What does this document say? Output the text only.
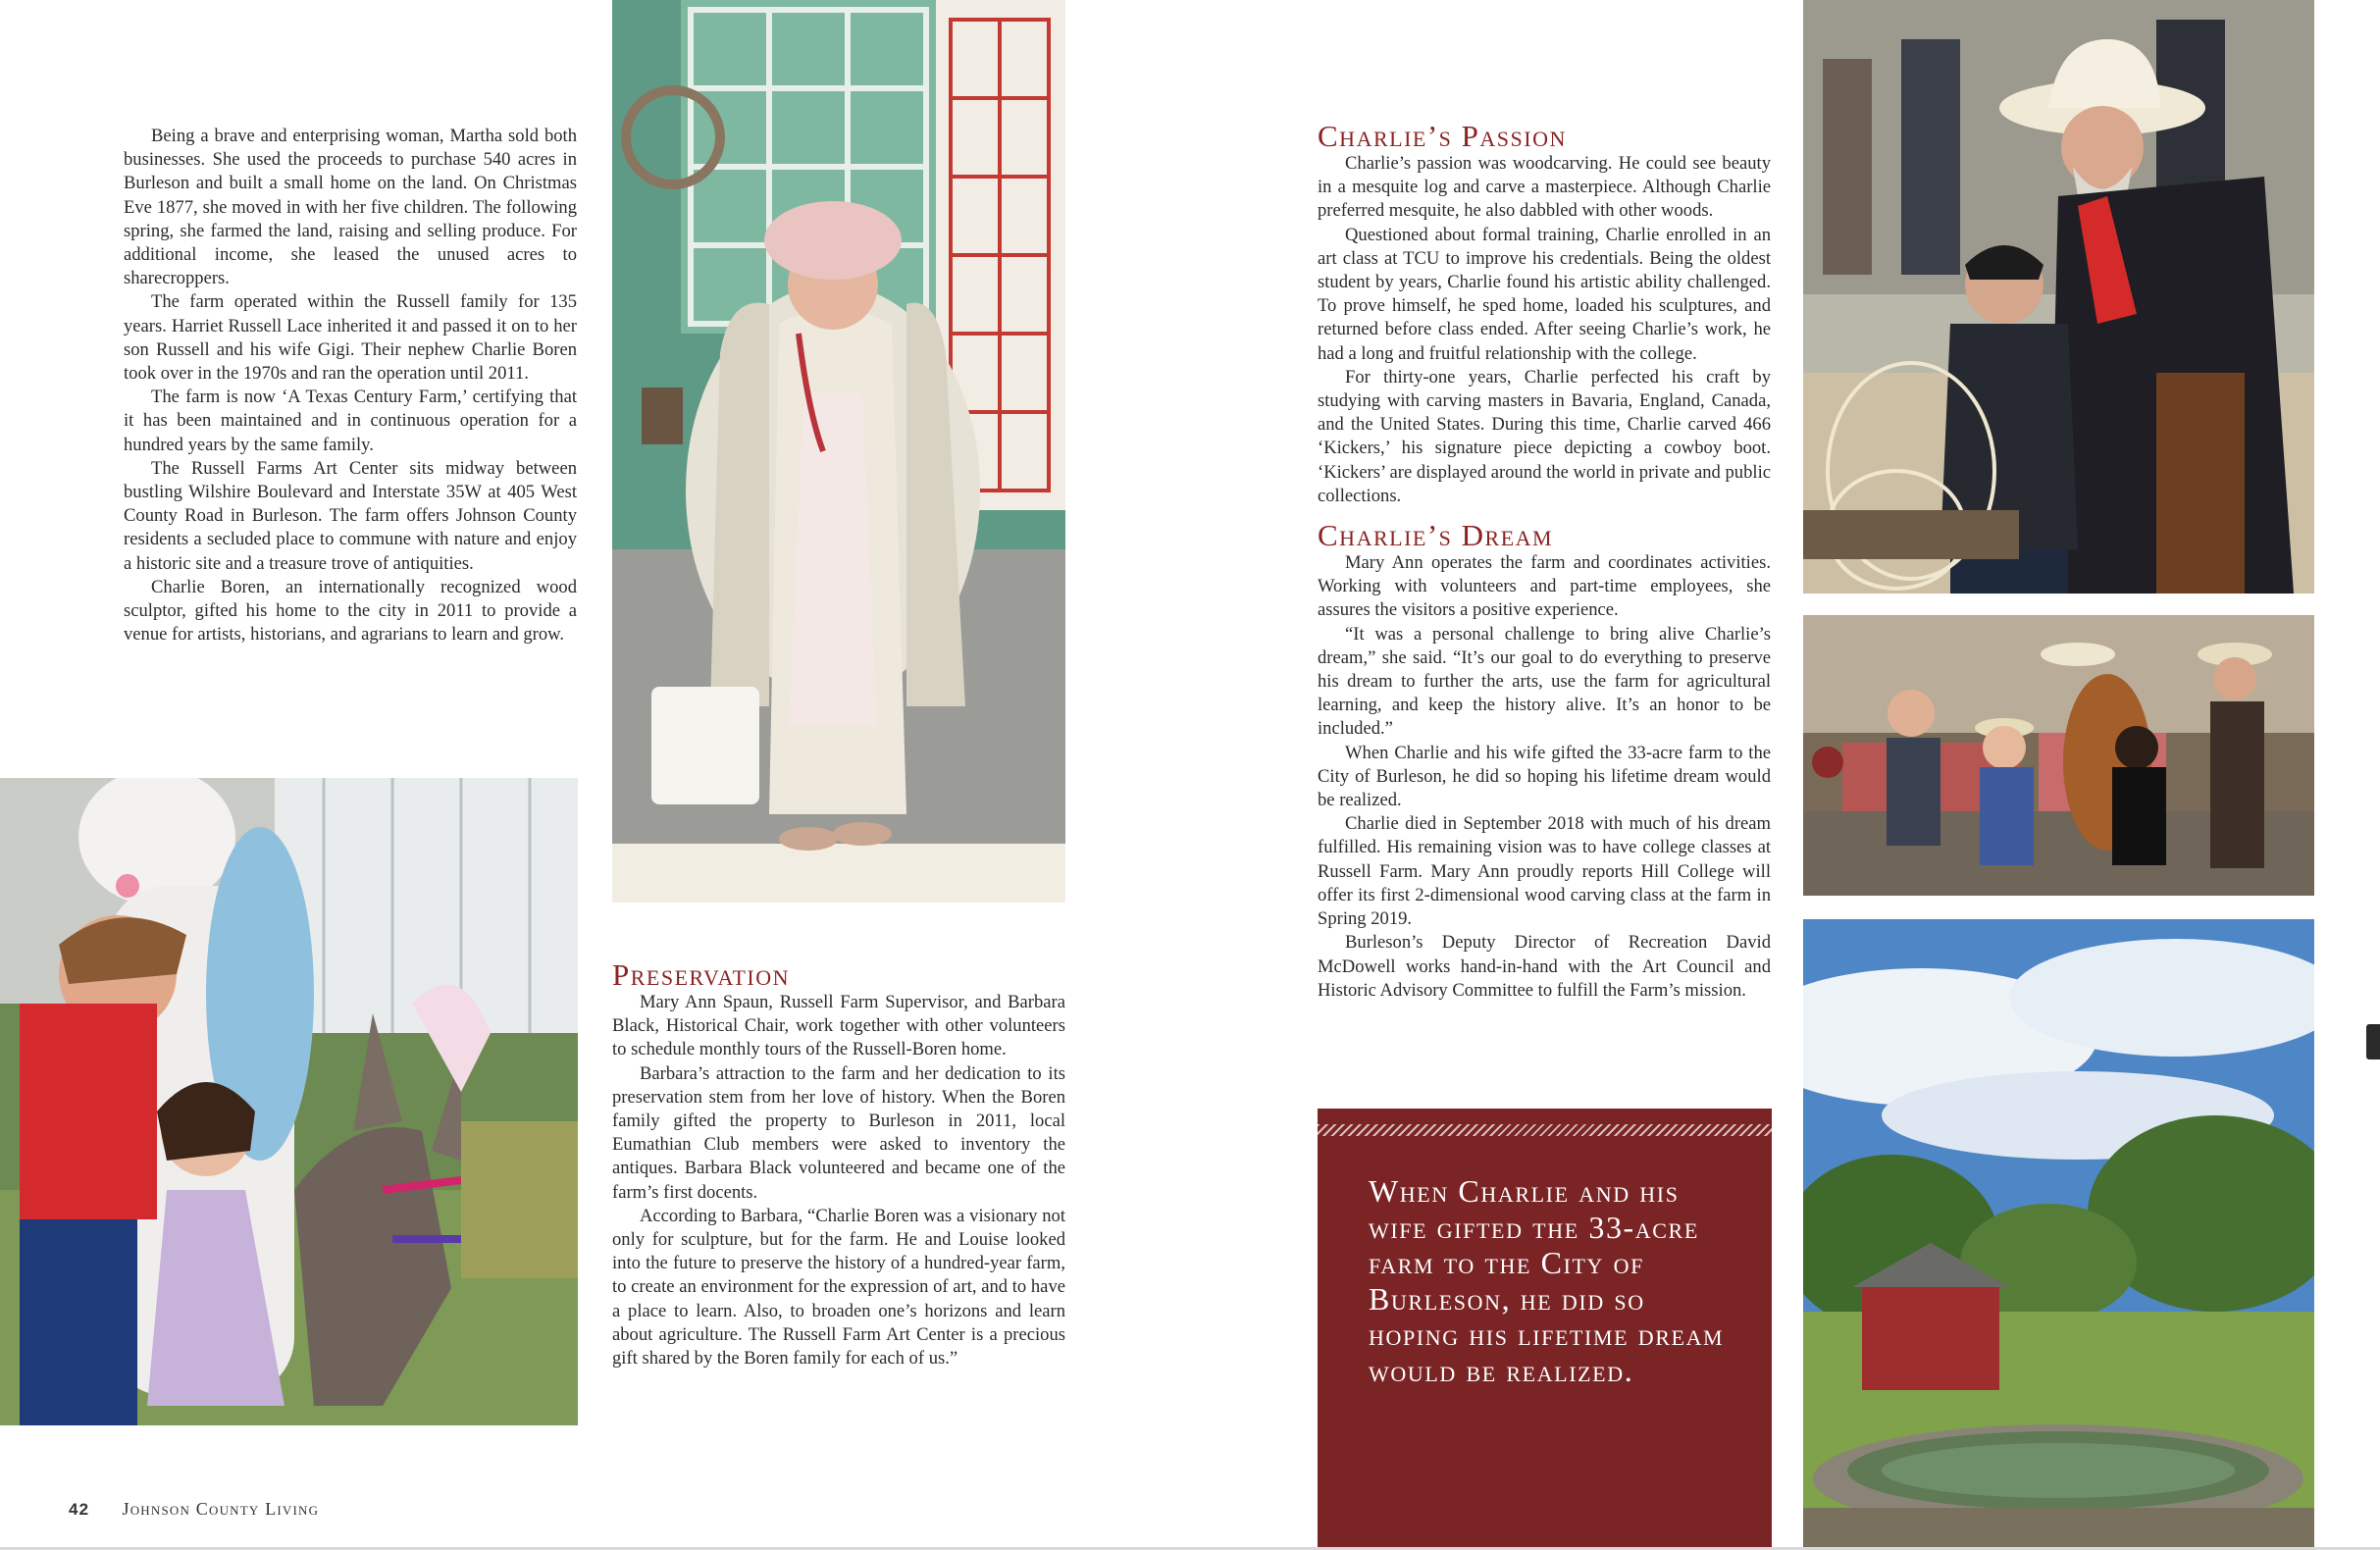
Being a brave and enterprising woman, Martha sold both businesses. She used the proceeds to purchase 540 acres in Burleson and built a small home on the land. On Christmas Eve 1877, she moved in with her five children. The following spring, she farmed the land, raising and selling produce. For additional income, she leased the unused acres to sharecroppers.

The farm operated within the Russell family for 135 years. Harriet Russell Lace inherited it and passed it on to her son Russell and his wife Gigi. Their nephew Charlie Boren took over in the 1970s and ran the operation until 2011.

The farm is now ‘A Texas Century Farm,’ certifying that it has been maintained and in continuous operation for a hundred years by the same family.

The Russell Farms Art Center sits midway between bustling Wilshire Boulevard and Interstate 35W at 405 West County Road in Burleson. The farm offers Johnson County residents a secluded place to commune with nature and enjoy a historic site and a treasure trove of antiquities.

Charlie Boren, an internationally recognized wood sculptor, gifted his home to the city in 2011 to provide a venue for artists, historians, and agrarians to learn and grow.

Preservation

Mary Ann Spaun, Russell Farm Supervisor, and Barbara Black, Historical Chair, work together with other volunteers to schedule monthly tours of the Russell-Boren home.

Barbara’s attraction to the farm and her dedication to its preservation stem from her love of history. When the Boren family gifted the property to Burleson in 2011, local Eumathian Club members were asked to inventory the antiques. Barbara Black volunteered and became one of the farm’s first docents.

According to Barbara, “Charlie Boren was a visionary not only for sculpture, but for the farm. He and Louise looked into the future to preserve the history of a hundred-year farm, to create an environment for the expression of art, and to have a place to learn. Also, to broaden one’s horizons and learn about agriculture. The Russell Farm Art Center is a precious gift shared by the Boren family for each of us.”

Charlie’s Passion

Charlie’s passion was woodcarving. He could see beauty in a mesquite log and carve a masterpiece. Although Charlie preferred mesquite, he also dabbled with other woods.

Questioned about formal training, Charlie enrolled in an art class at TCU to improve his credentials. Being the oldest student by years, Charlie found his artistic ability challenged. To prove himself, he sped home, loaded his sculptures, and returned before class ended. After seeing Charlie’s work, he had a long and fruitful relationship with the college.

For thirty-one years, Charlie perfected his craft by studying with carving masters in Bavaria, England, Canada, and the United States. During this time, Charlie carved 466 ‘Kickers,’ his signature piece depicting a cowboy boot. ‘Kickers’ are displayed around the world in private and public collections.

Charlie’s Dream

Mary Ann operates the farm and coordinates activities. Working with volunteers and part-time employees, she assures the visitors a positive experience.

“It was a personal challenge to bring alive Charlie’s dream,” she said. “It’s our goal to do everything to preserve his dream to further the arts, use the farm for agricultural learning, and keep the history alive. It’s an honor to be included.”

When Charlie and his wife gifted the 33-acre farm to the City of Burleson, he did so hoping his lifetime dream would be realized.

Charlie died in September 2018 with much of his dream fulfilled. His remaining vision was to have college classes at Russell Farm. Mary Ann proudly reports Hill College will offer its first 2-dimensional wood carving class at the farm in Spring 2019.

Burleson’s Deputy Director of Recreation David McDowell works hand-in-hand with the Art Council and Historic Advisory Committee to fulfill the Farm’s mission.

When Charlie and his wife gifted the 33-acre farm to the City of Burleson, he did so hoping his lifetime dream would be realized.
42 Johnson County Living
